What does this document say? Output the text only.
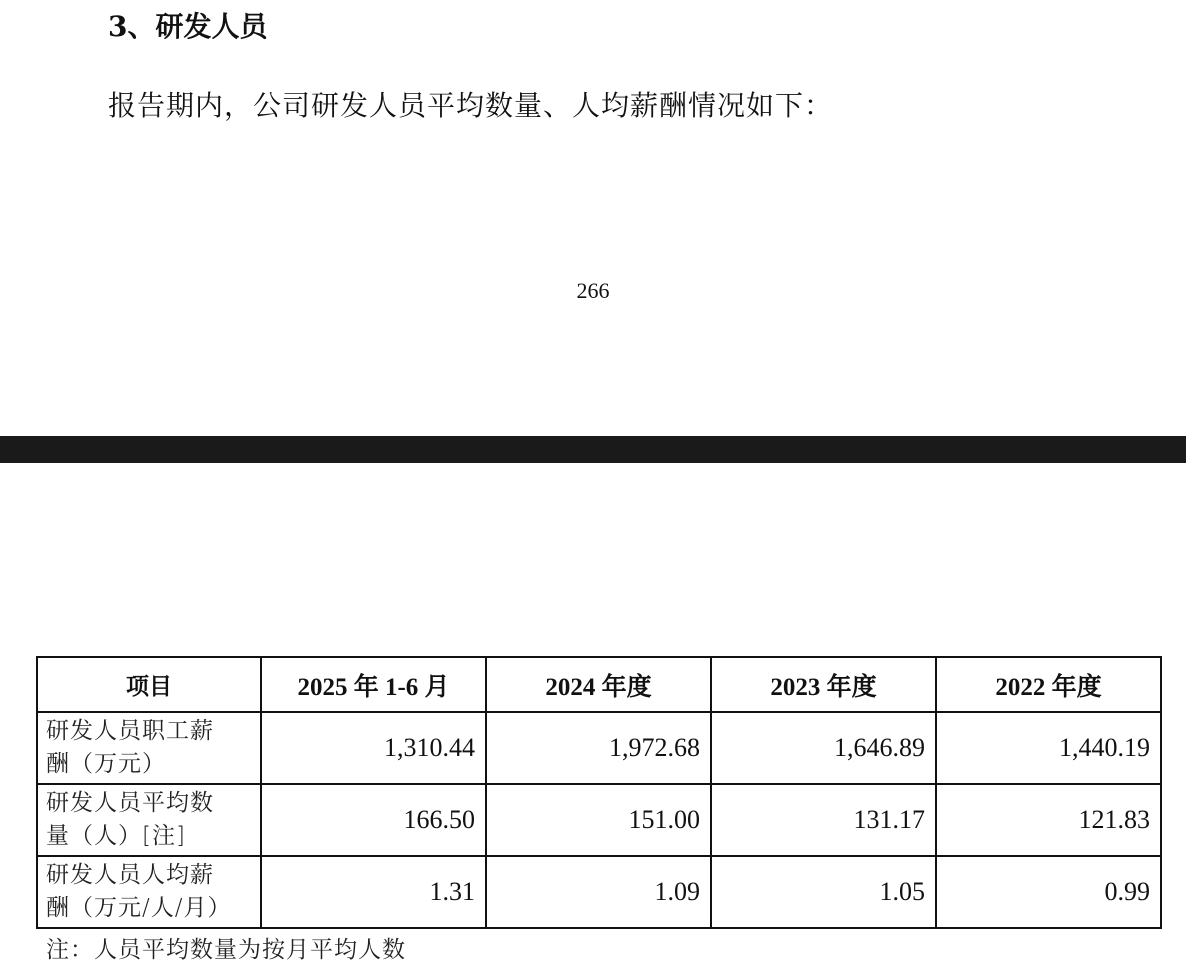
3、研发人员
报告期内，公司研发人员平均数量、人均薪酬情况如下：
266
项目	2025 年 1-6 月	2024 年度	2023 年度	2022 年度

研发人员职工薪
酬（万元）	1,310.44	1,972.68	1,646.89	1,440.19

研发人员平均数
量（人）[注]	166.50	151.00	131.17	121.83

研发人员人均薪
酬（万元/人/月）	1.31	1.09	1.05	0.99
注：人员平均数量为按月平均人数
